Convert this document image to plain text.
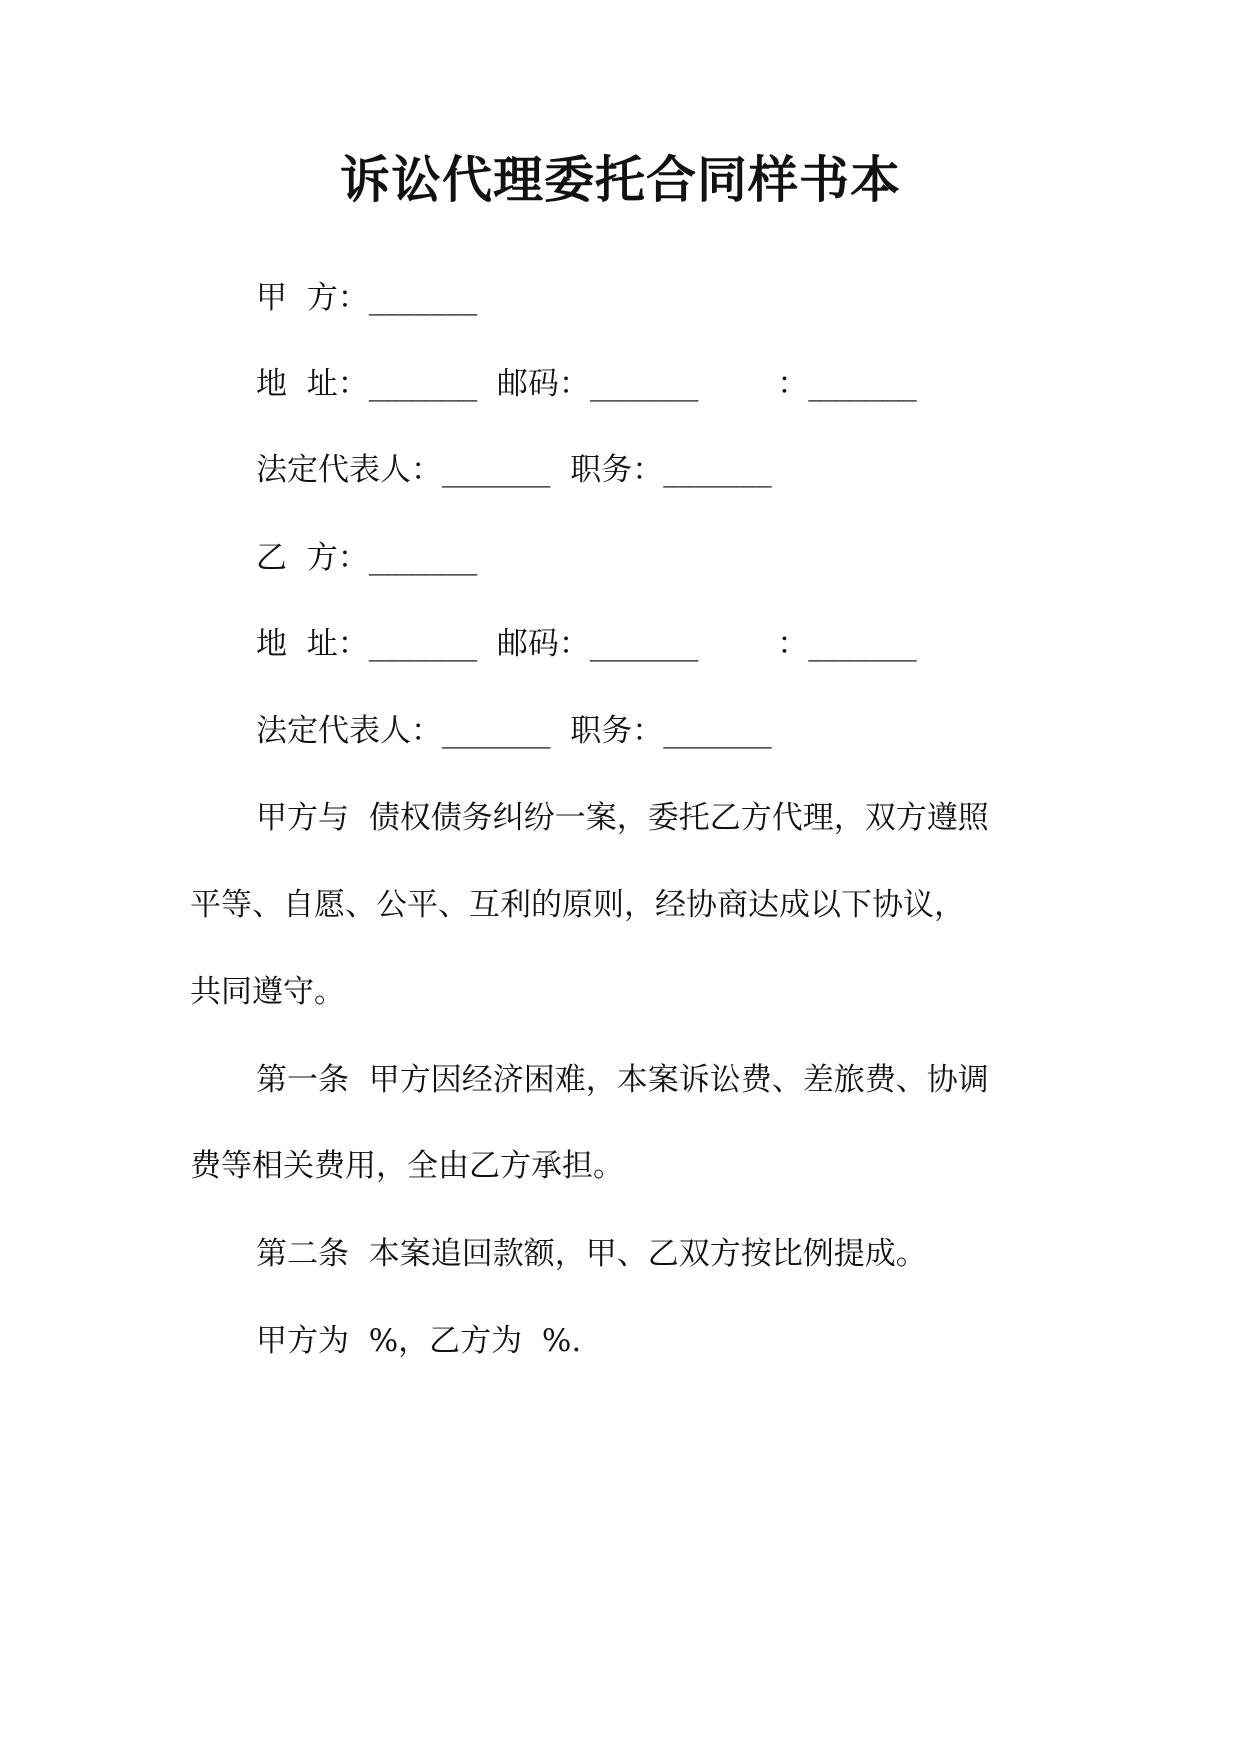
诉讼代理委托合同样书本
甲  方：_______
地  址：_______  邮码：_______        ：_______
法定代表人：_______  职务：_______
乙  方：_______
地  址：_______  邮码：_______        ：_______
法定代表人：_______  职务：_______
甲方与  债权债务纠纷一案，委托乙方代理，双方遵照
平等、自愿、公平、互利的原则，经协商达成以下协议，
共同遵守。
第一条  甲方因经济困难，本案诉讼费、差旅费、协调
费等相关费用，全由乙方承担。
第二条  本案追回款额，甲、乙双方按比例提成。
甲方为  %，乙方为  %.
